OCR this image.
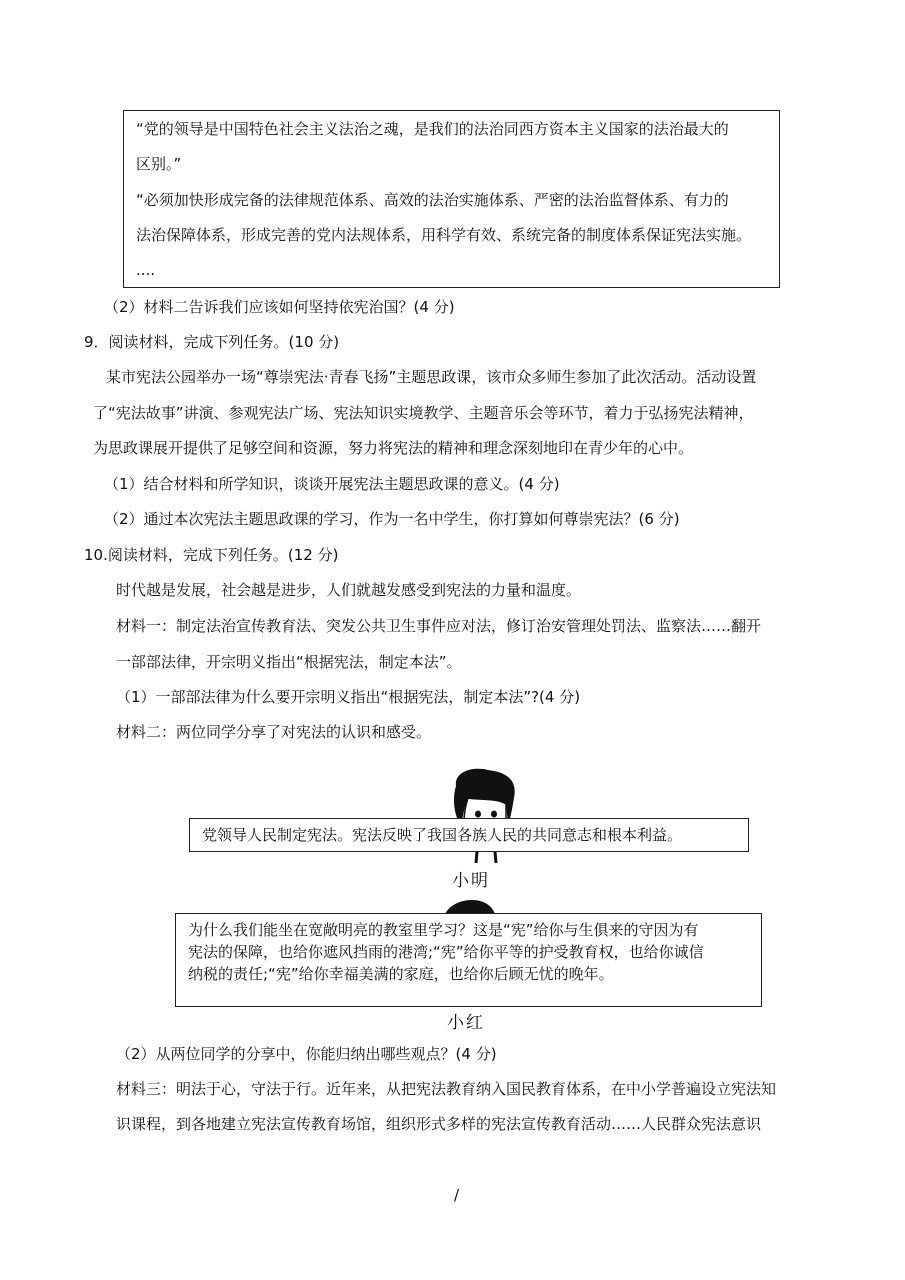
“党的领导是中国特色社会主义法治之魂，是我们的法治同西方资本主义国家的法治最大的
区别。”
“必须加快形成完备的法律规范体系、高效的法治实施体系、严密的法治监督体系、有力的
法治保障体系，形成完善的党内法规体系，用科学有效、系统完备的制度体系保证宪法实施。
....
（2）材料二告诉我们应该如何坚持依宪治国？(4 分)
9．阅读材料，完成下列任务。(10 分)
某市宪法公园举办一场“尊崇宪法·青春飞扬”主题思政课，该市众多师生参加了此次活动。活动设置
了“宪法故事”讲演、参观宪法广场、宪法知识实境教学、主题音乐会等环节，着力于弘扬宪法精神，
为思政课展开提供了足够空间和资源，努力将宪法的精神和理念深刻地印在青少年的心中。
（1）结合材料和所学知识，谈谈开展宪法主题思政课的意义。(4 分)
（2）通过本次宪法主题思政课的学习，作为一名中学生，你打算如何尊崇宪法？(6 分)
10.阅读材料，完成下列任务。(12 分)
时代越是发展，社会越是进步，人们就越发感受到宪法的力量和温度。
材料一：制定法治宣传教育法、突发公共卫生事件应对法，修订治安管理处罚法、监察法……翻开
一部部法律，开宗明义指出“根据宪法，制定本法”。
（1）一部部法律为什么要开宗明义指出“根据宪法，制定本法”?(4 分)
材料二：两位同学分享了对宪法的认识和感受。
小明
党领导人民制定宪法。宪法反映了我国各族人民的共同意志和根本利益。
为什么我们能坐在宽敞明亮的教室里学习？这是“宪”给你与生俱来的守因为有
宪法的保障，也给你遮风挡雨的港湾;“宪”给你平等的护受教育权，也给你诚信
纳税的责任;“宪”给你幸福美满的家庭，也给你后顾无忧的晚年。
小红
（2）从两位同学的分享中，你能归纳出哪些观点？(4 分)
材料三：明法于心，守法于行。近年来，从把宪法教育纳入国民教育体系，在中小学普遍设立宪法知
识课程，到各地建立宪法宣传教育场馆，组织形式多样的宪法宣传教育活动……人民群众宪法意识
/
